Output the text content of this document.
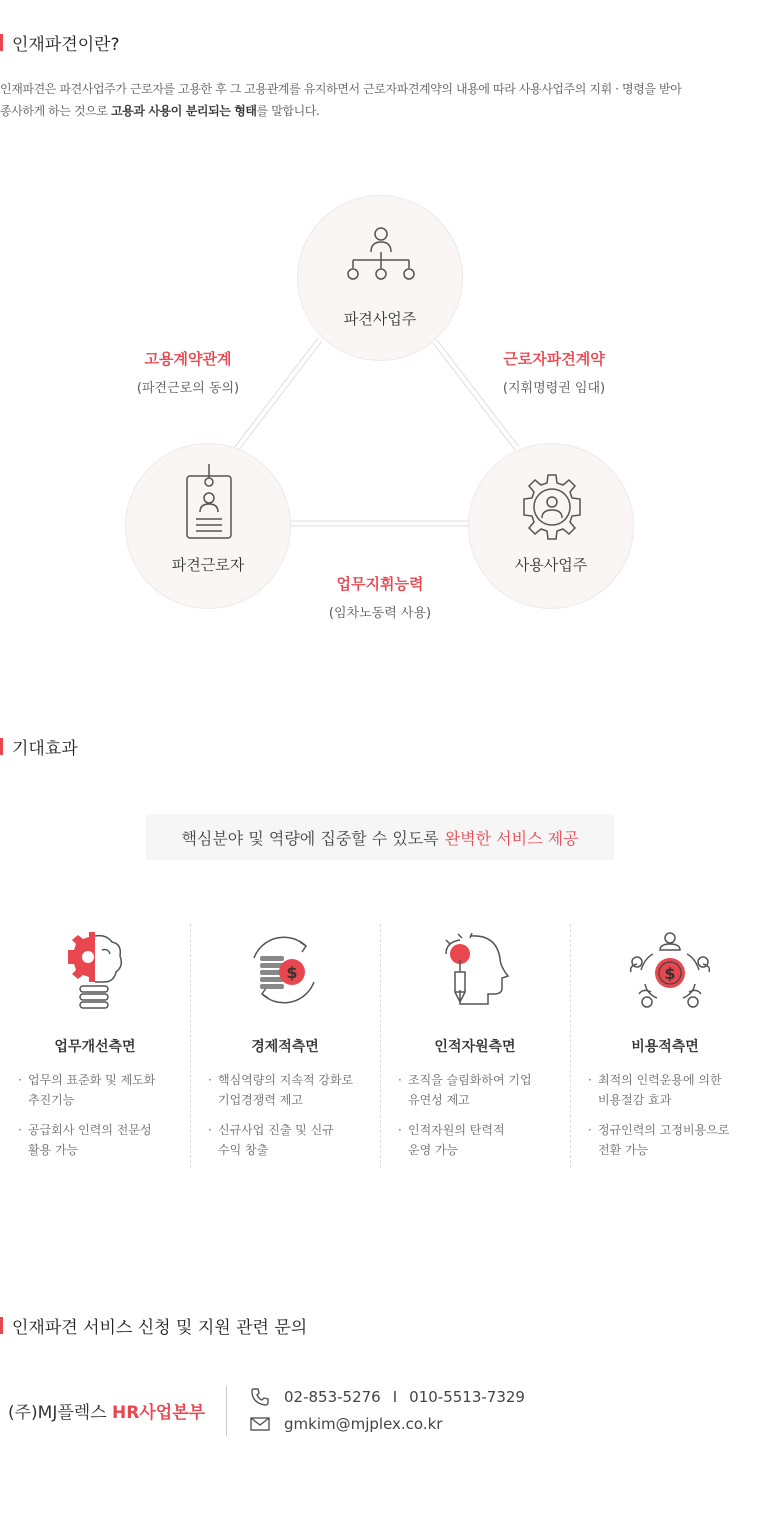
인재파견이란?
인재파견은 파견사업주가 근로자를 고용한 후 그 고용관계를 유지하면서 근로자파견계약의 내용에 따라 사용사업주의 지휘 · 명령을 받아
종사하게 하는 것으로 고용과 사용이 분리되는 형태를 말합니다.
파견사업주
파견근로자	사용사업주
고용계약관계
(파견근로의 동의)
근로자파견계약
(지휘명령권 임대)
업무지휘능력
(임차노동력 사용)
기대효과
핵심분야 및 역량에 집중할 수 있도록 완벽한 서비스 제공
업무개선측면
· 업무의 표준화 및 제도화
추진기능
· 공급회사 인력의 전문성
활용 가능
$
경제적측면
· 핵심역량의 지속적 강화로
기업경쟁력 제고
· 신규사업 진출 및 신규
수익 창출
인적자원측면
· 조직을 슬림화하여 기업
유연성 제고
· 인적자원의 탄력적
운영 가능
$
비용적측면
· 최적의 인력운용에 의한
비용절감 효과
· 정규인력의 고정비용으로
전환 가능
인재파견 서비스 신청 및 지원 관련 문의
(주)MJ플렉스 HR사업본부
02-853-5276 I 010-5513-7329
gmkim@mjplex.co.kr
